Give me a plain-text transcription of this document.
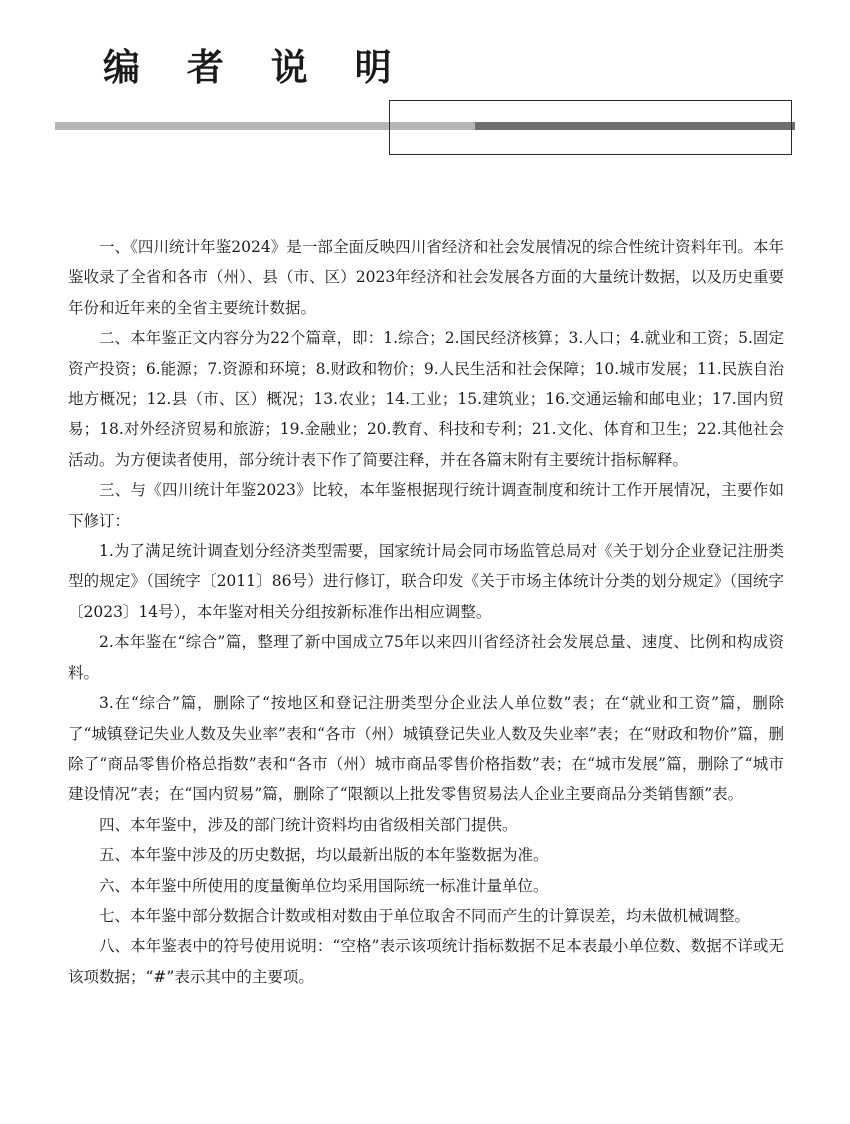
编 者 说 明

一、《四川统计年鉴2024》是一部全面反映四川省经济和社会发展情况的综合性统计资料年刊。本年鉴收录了全省和各市（州）、县（市、区）2023年经济和社会发展各方面的大量统计数据，以及历史重要年份和近年来的全省主要统计数据。

二、本年鉴正文内容分为22个篇章，即：1.综合；2.国民经济核算；3.人口；4.就业和工资；5.固定资产投资；6.能源；7.资源和环境；8.财政和物价；9.人民生活和社会保障；10.城市发展；11.民族自治地方概况；12.县（市、区）概况；13.农业；14.工业；15.建筑业；16.交通运输和邮电业；17.国内贸易；18.对外经济贸易和旅游；19.金融业；20.教育、科技和专利；21.文化、体育和卫生；22.其他社会活动。为方便读者使用，部分统计表下作了简要注释，并在各篇末附有主要统计指标解释。

三、与《四川统计年鉴2023》比较，本年鉴根据现行统计调查制度和统计工作开展情况，主要作如下修订：

1.为了满足统计调查划分经济类型需要，国家统计局会同市场监管总局对《关于划分企业登记注册类型的规定》（国统字〔2011〕86号）进行修订，联合印发《关于市场主体统计分类的划分规定》（国统字〔2023〕14号），本年鉴对相关分组按新标准作出相应调整。

2.本年鉴在“综合”篇，整理了新中国成立75年以来四川省经济社会发展总量、速度、比例和构成资料。

3.在“综合”篇，删除了“按地区和登记注册类型分企业法人单位数”表；在“就业和工资”篇，删除了“城镇登记失业人数及失业率”表和“各市（州）城镇登记失业人数及失业率”表；在“财政和物价”篇，删除了“商品零售价格总指数”表和“各市（州）城市商品零售价格指数”表；在“城市发展”篇，删除了“城市建设情况”表；在“国内贸易”篇，删除了“限额以上批发零售贸易法人企业主要商品分类销售额”表。

四、本年鉴中，涉及的部门统计资料均由省级相关部门提供。

五、本年鉴中涉及的历史数据，均以最新出版的本年鉴数据为准。

六、本年鉴中所使用的度量衡单位均采用国际统一标准计量单位。

七、本年鉴中部分数据合计数或相对数由于单位取舍不同而产生的计算误差，均未做机械调整。

八、本年鉴表中的符号使用说明：“空格”表示该项统计指标数据不足本表最小单位数、数据不详或无该项数据；“#”表示其中的主要项。
